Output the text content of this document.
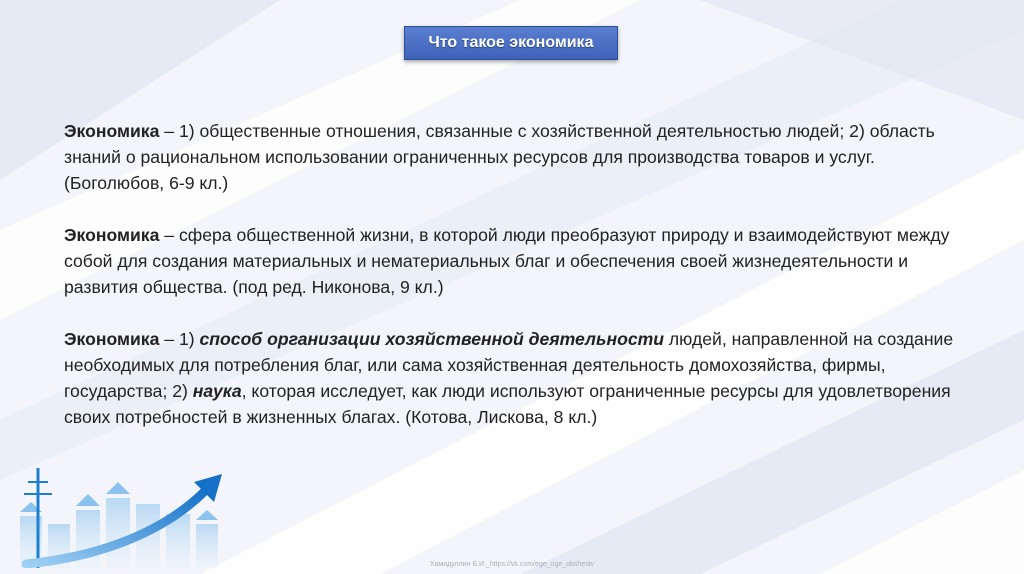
Что такое экономика

Экономика – 1) общественные отношения, связанные с хозяйственной деятельностью людей; 2) область знаний о рациональном использовании ограниченных ресурсов для производства товаров и услуг. (Боголюбов, 6-9 кл.)

Экономика – сфера общественной жизни, в которой люди преобразуют природу и взаимодействуют между собой для создания материальных и нематериальных благ и обеспечения своей жизнедеятельности и развития общества. (под ред. Никонова, 9 кл.)

Экономика – 1) способ организации хозяйственной деятельности людей, направленной на создание необходимых для потребления благ, или сама хозяйственная деятельность домохозяйства, фирмы, государства; 2) наука, которая исследует, как люди используют ограниченные ресурсы для удовлетворения своих потребностей в жизненных благах. (Котова, Лискова, 8 кл.)

Хамидуллин Б.И._https://vk.com/ege_oge_obshestv
